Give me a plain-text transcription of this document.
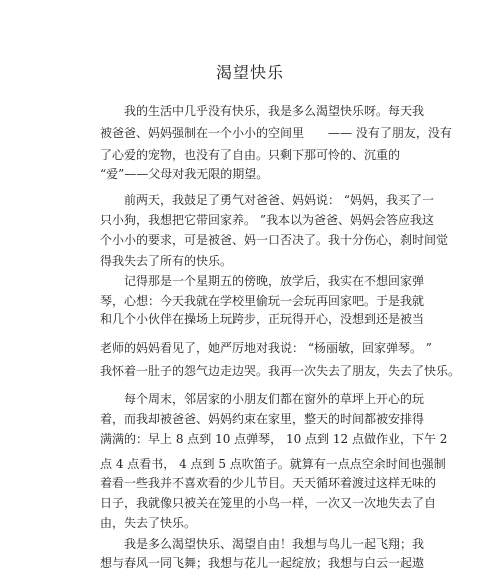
渴望快乐
我的生活中几乎没有快乐，我是多么渴望快乐呀。每天我
被爸爸、妈妈强制在一个小小的空间里　　—— 没有了朋友，没有
了心爱的宠物，也没有了自由。只剩下那可怜的、沉重的
“爱”——父母对我无限的期望。
前两天，我鼓足了勇气对爸爸、妈妈说： “妈妈，我买了一
只小狗，我想把它带回家养。 ”我本以为爸爸、妈妈会答应我这
个小小的要求，可是被爸、妈一口否决了。我十分伤心，刹时间觉
得我失去了所有的快乐。
记得那是一个星期五的傍晚，放学后，我实在不想回家弹
琴，心想：今天我就在学校里偷玩一会玩再回家吧。于是我就
和几个小伙伴在操场上玩跨步，正玩得开心，没想到还是被当
老师的妈妈看见了，她严厉地对我说： “杨丽敏，回家弹琴。 ”
我怀着一肚子的怨气边走边哭。我再一次失去了朋友，失去了快乐。
每个周末，邻居家的小朋友们都在窗外的草坪上开心的玩
着，而我却被爸爸、妈妈约束在家里，整天的时间都被安排得
满满的：早上 8 点到 10 点弹琴， 10 点到 12 点做作业，下午 2
点 4 点看书， 4 点到 5 点吹笛子。就算有一点点空余时间也强制
着看一些我并不喜欢看的少儿节目。天天循环着渡过这样无味的
日子，我就像只被关在笼里的小鸟一样，一次又一次地失去了自
由，失去了快乐。
我是多么渴望快乐、渴望自由！我想与鸟儿一起飞翔；我
想与春风一同飞舞；我想与花儿一起绽放；我想与白云一起遨
